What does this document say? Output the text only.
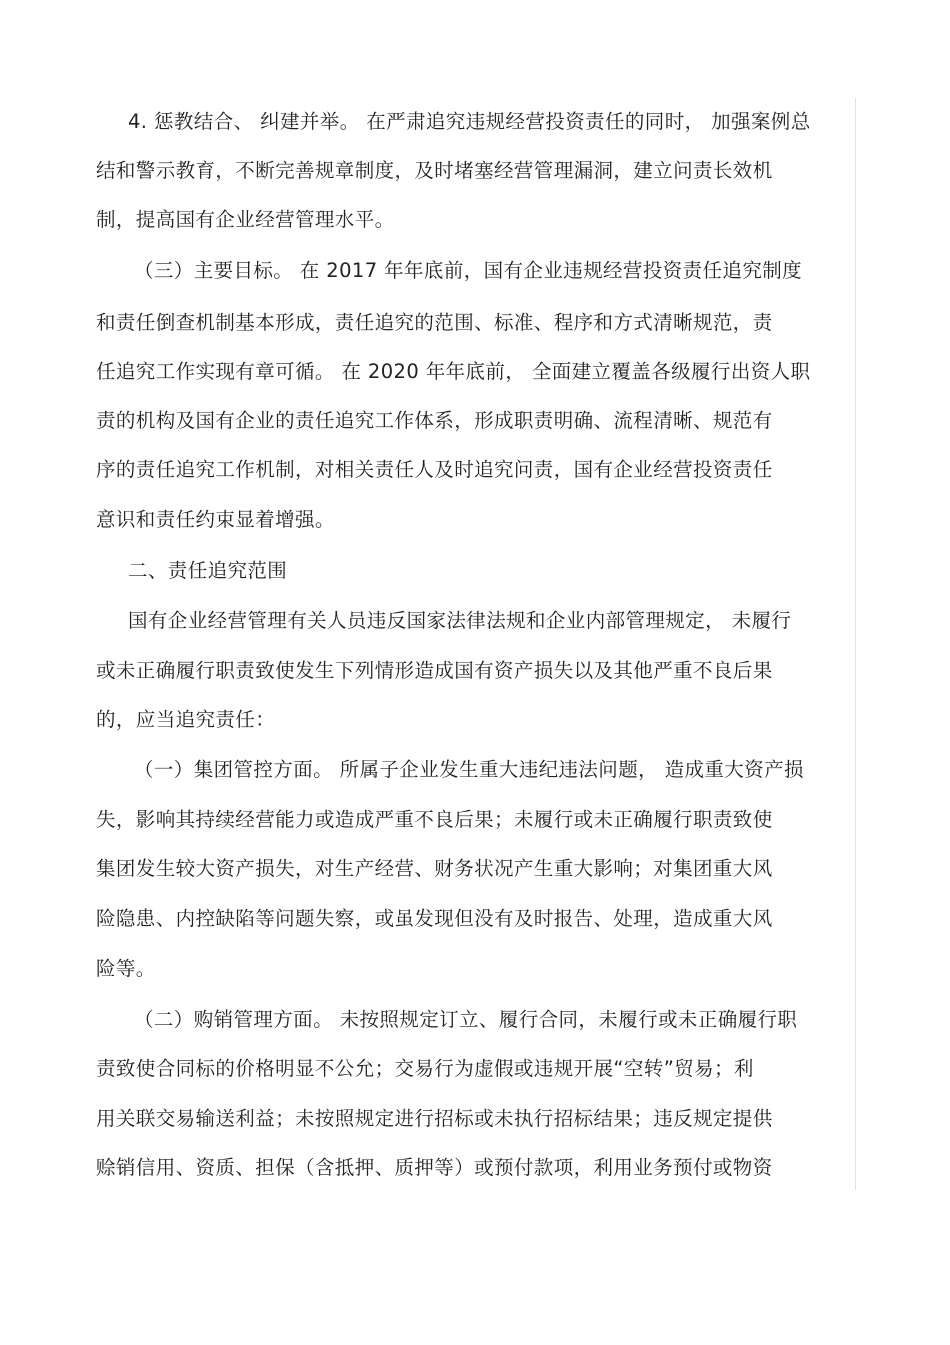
4. 惩教结合、 纠建并举。 在严肃追究违规经营投资责任的同时， 加强案例总
结和警示教育，不断完善规章制度，及时堵塞经营管理漏洞，建立问责长效机
制，提高国有企业经营管理水平。
（三）主要目标。 在 2017 年年底前，国有企业违规经营投资责任追究制度
和责任倒查机制基本形成，责任追究的范围、标准、程序和方式清晰规范，责
任追究工作实现有章可循。 在 2020 年年底前， 全面建立覆盖各级履行出资人职
责的机构及国有企业的责任追究工作体系，形成职责明确、流程清晰、规范有
序的责任追究工作机制，对相关责任人及时追究问责，国有企业经营投资责任
意识和责任约束显着增强。
二、责任追究范围
国有企业经营管理有关人员违反国家法律法规和企业内部管理规定， 未履行
或未正确履行职责致使发生下列情形造成国有资产损失以及其他严重不良后果
的，应当追究责任：
（一）集团管控方面。 所属子企业发生重大违纪违法问题， 造成重大资产损
失，影响其持续经营能力或造成严重不良后果；未履行或未正确履行职责致使
集团发生较大资产损失，对生产经营、财务状况产生重大影响；对集团重大风
险隐患、内控缺陷等问题失察，或虽发现但没有及时报告、处理，造成重大风
险等。
（二）购销管理方面。 未按照规定订立、履行合同，未履行或未正确履行职
责致使合同标的价格明显不公允；交易行为虚假或违规开展“空转”贸易；利
用关联交易输送利益；未按照规定进行招标或未执行招标结果；违反规定提供
赊销信用、资质、担保（含抵押、质押等）或预付款项，利用业务预付或物资
